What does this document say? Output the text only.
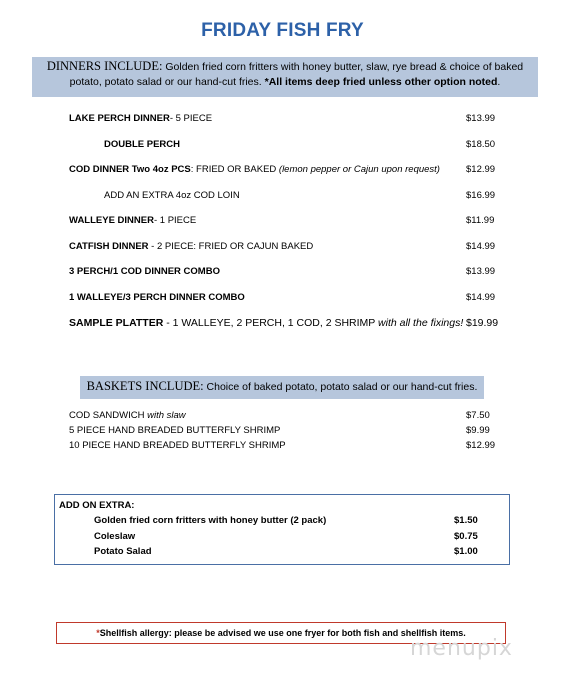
FRIDAY FISH FRY
DINNERS INCLUDE: Golden fried corn fritters with honey butter, slaw, rye bread & choice of baked
potato, potato salad or our hand-cut fries. *All items deep fried unless other option noted.
LAKE PERCH DINNER- 5 PIECE	$13.99
DOUBLE PERCH	$18.50
COD DINNER Two 4oz PCS: FRIED OR BAKED (lemon pepper or Cajun upon request)	$12.99
ADD AN EXTRA 4oz COD LOIN	$16.99
WALLEYE DINNER- 1 PIECE	$11.99
CATFISH DINNER - 2 PIECE: FRIED OR CAJUN BAKED	$14.99
3 PERCH/1 COD DINNER COMBO	$13.99
1 WALLEYE/3 PERCH DINNER COMBO	$14.99
SAMPLE PLATTER - 1 WALLEYE, 2 PERCH, 1 COD, 2 SHRIMP with all the fixings! $19.99
BASKETS INCLUDE: Choice of baked potato, potato salad or our hand-cut fries.
COD SANDWICH with slaw	$7.50
5 PIECE HAND BREADED BUTTERFLY SHRIMP	$9.99
10 PIECE HAND BREADED BUTTERFLY SHRIMP	$12.99
ADD ON EXTRA:
Golden fried corn fritters with honey butter (2 pack)	$1.50
Coleslaw	$0.75
Potato Salad	$1.00
*Shellfish allergy: please be advised we use one fryer for both fish and shellfish items.
menupix
